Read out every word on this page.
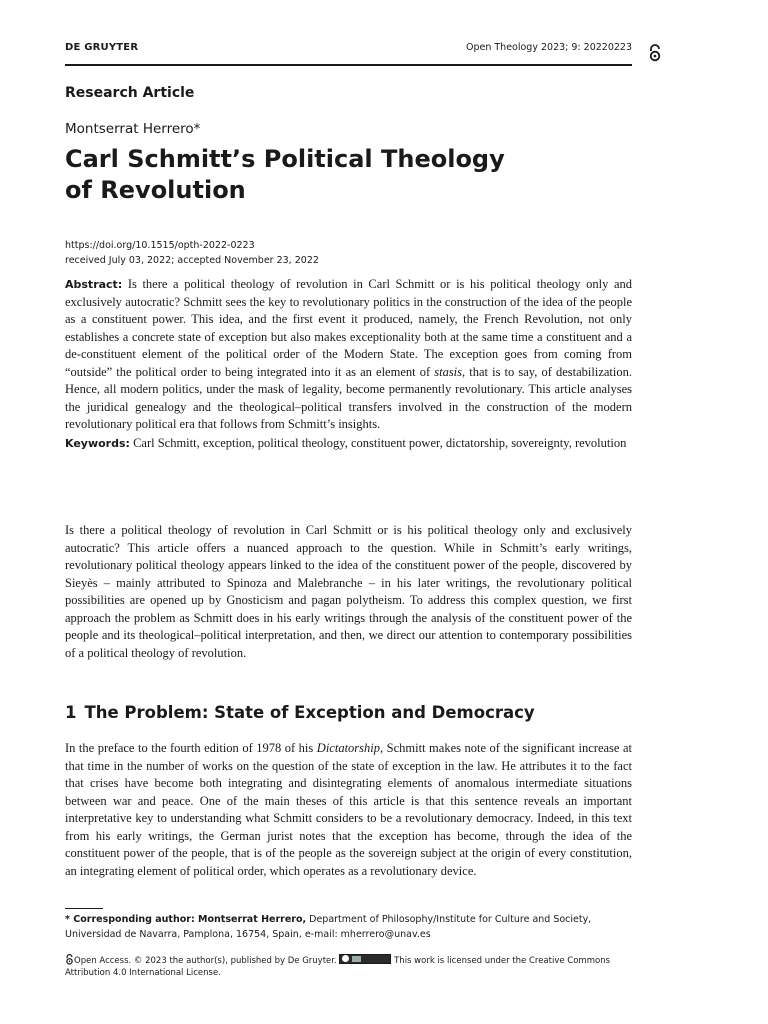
DE GRUYTER	Open Theology 2023; 9: 20220223
Research Article
Montserrat Herrero*
Carl Schmitt’s Political Theology
of Revolution
https://doi.org/10.1515/opth-2022-0223
received July 03, 2022; accepted November 23, 2022

Abstract: Is there a political theology of revolution in Carl Schmitt or is his political theology only and exclusively autocratic? Schmitt sees the key to revolutionary politics in the construction of the idea of the people as a constituent power. This idea, and the first event it produced, namely, the French Revolution, not only establishes a concrete state of exception but also makes exceptionality both at the same time a constituent and a de-constituent element of the political order of the Modern State. The exception goes from coming from “outside” the political order to being integrated into it as an element of stasis, that is to say, of destabilization. Hence, all modern politics, under the mask of legality, become permanently revolutionary. This article analyses the juridical genealogy and the theological–political transfers involved in the construction of the modern revolutionary political era that follows from Schmitt’s insights.

Keywords: Carl Schmitt, exception, political theology, constituent power, dictatorship, sovereignty, revolution

Is there a political theology of revolution in Carl Schmitt or is his political theology only and exclusively autocratic? This article offers a nuanced approach to the question. While in Schmitt’s early writings, revolutionary political theology appears linked to the idea of the constituent power of the people, discovered by Sieyès – mainly attributed to Spinoza and Malebranche – in his later writings, the revolutionary political possibilities are opened up by Gnosticism and pagan polytheism. To address this complex question, we first approach the problem as Schmitt does in his early writings through the analysis of the constituent power of the people and its theological–political interpretation, and then, we direct our attention to contemporary possibilities of a political theology of revolution.

1 The Problem: State of Exception and Democracy

In the preface to the fourth edition of 1978 of his Dictatorship, Schmitt makes note of the significant increase at that time in the number of works on the question of the state of exception in the law. He attributes it to the fact that crises have become both integrating and disintegrating elements of anomalous intermediate situations between war and peace. One of the main theses of this article is that this sentence reveals an important interpretative key to understanding what Schmitt considers to be a revolutionary democracy. Indeed, in this text from his early writings, the German jurist notes that the exception has become, through the idea of the constituent power of the people, that is of the people as the sovereign subject at the origin of every constitution, an integrating element of political order, which operates as a revolutionary device.

* Corresponding author: Montserrat Herrero, Department of Philosophy/Institute for Culture and Society, Universidad de Navarra, Pamplona, 16754, Spain, e-mail: mherrero@unav.es

Open Access. © 2023 the author(s), published by De Gruyter.	This work is licensed under the Creative Commons Attribution 4.0 International License.
